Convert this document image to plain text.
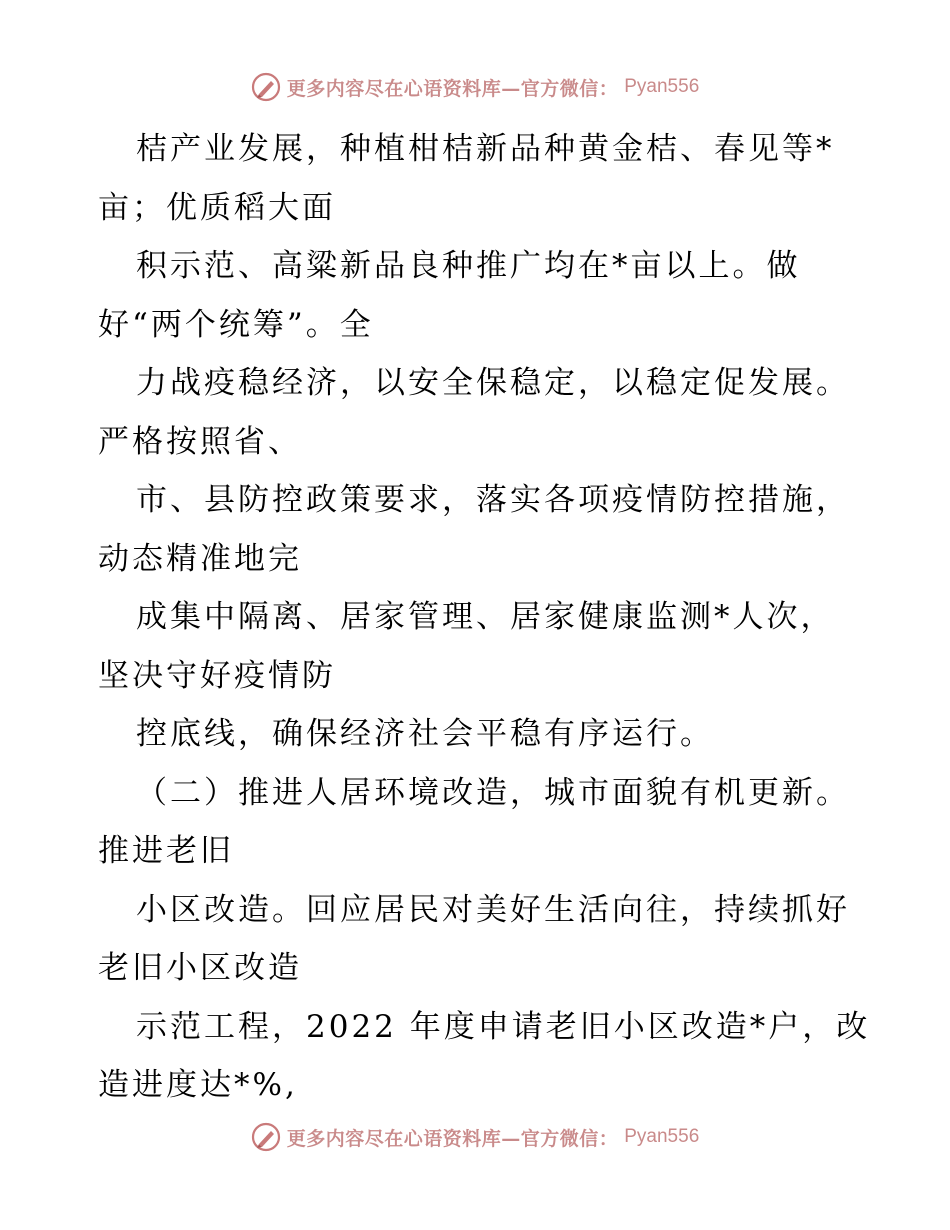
更多内容尽在心语资料库—官方微信： Pyan556
桔产业发展，种植柑桔新品种黄金桔、春见等*
亩；优质稻大面
积示范、高粱新品良种推广均在*亩以上。做
好“两个统筹”。全
力战疫稳经济，以安全保稳定，以稳定促发展。
严格按照省、
市、县防控政策要求，落实各项疫情防控措施，
动态精准地完
成集中隔离、居家管理、居家健康监测*人次，
坚决守好疫情防
控底线，确保经济社会平稳有序运行。
（二）推进人居环境改造，城市面貌有机更新。
推进老旧
小区改造。回应居民对美好生活向往，持续抓好
老旧小区改造
示范工程，2022 年度申请老旧小区改造*户，改
造进度达*%,
更多内容尽在心语资料库—官方微信： Pyan556
